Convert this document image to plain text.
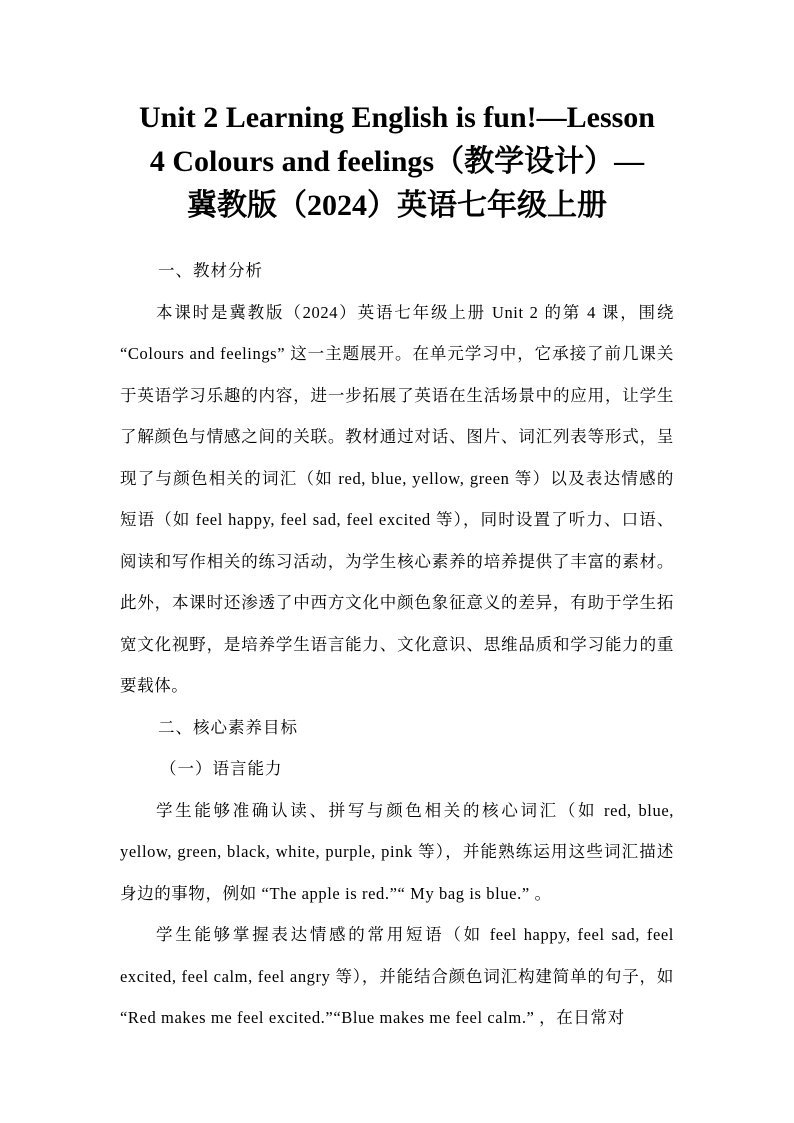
Unit 2 Learning English is fun!—Lesson
4 Colours and feelings（教学设计）—
冀教版（2024）英语七年级上册

一、教材分析

本课时是冀教版（2024）英语七年级上册 Unit 2 的第 4 课，围绕 “Colours and feelings” 这一主题展开。在单元学习中，它承接了前几课关于英语学习乐趣的内容，进一步拓展了英语在生活场景中的应用，让学生了解颜色与情感之间的关联。教材通过对话、图片、词汇列表等形式，呈现了与颜色相关的词汇（如 red, blue, yellow, green 等）以及表达情感的短语（如 feel happy, feel sad, feel excited 等），同时设置了听力、口语、阅读和写作相关的练习活动，为学生核心素养的培养提供了丰富的素材。此外，本课时还渗透了中西方文化中颜色象征意义的差异，有助于学生拓宽文化视野，是培养学生语言能力、文化意识、思维品质和学习能力的重要载体。

二、核心素养目标

（一）语言能力

学生能够准确认读、拼写与颜色相关的核心词汇（如 red, blue, yellow, green, black, white, purple, pink 等），并能熟练运用这些词汇描述身边的事物，例如 “The apple is red.”“ My bag is blue.” 。

学生能够掌握表达情感的常用短语（如 feel happy, feel sad, feel excited, feel calm, feel angry 等），并能结合颜色词汇构建简单的句子，如 “Red makes me feel excited.”“Blue makes me feel calm.” ，在日常对
